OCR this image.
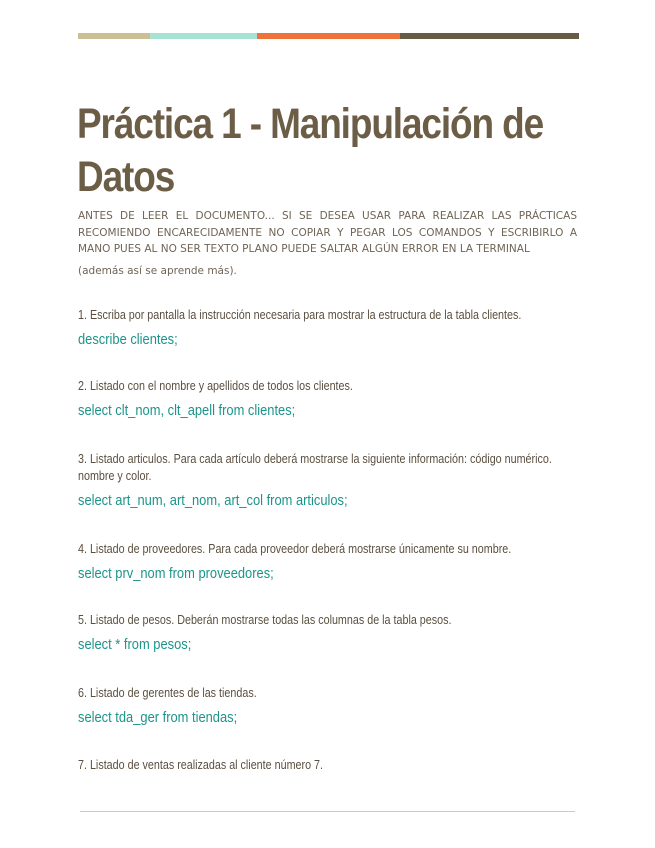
Práctica 1 - Manipulación de Datos

ANTES DE LEER EL DOCUMENTO... SI SE DESEA USAR PARA REALIZAR LAS PRÁCTICAS RECOMIENDO ENCARECIDAMENTE NO COPIAR Y PEGAR LOS COMANDOS Y ESCRIBIRLO A MANO PUES AL NO SER TEXTO PLANO PUEDE SALTAR ALGÚN ERROR EN LA TERMINAL

(además así se aprende más).

1. Escriba por pantalla la instrucción necesaria para mostrar la estructura de la tabla clientes.

describe clientes;

2. Listado con el nombre y apellidos de todos los clientes.

select clt_nom, clt_apell from clientes;

3. Listado articulos. Para cada artículo deberá mostrarse la siguiente información: código numérico. nombre y color.

select art_num, art_nom, art_col from articulos;

4. Listado de proveedores. Para cada proveedor deberá mostrarse únicamente su nombre.

select prv_nom from proveedores;

5. Listado de pesos. Deberán mostrarse todas las columnas de la tabla pesos.

select * from pesos;

6. Listado de gerentes de las tiendas.

select tda_ger from tiendas;

7. Listado de ventas realizadas al cliente número 7.
